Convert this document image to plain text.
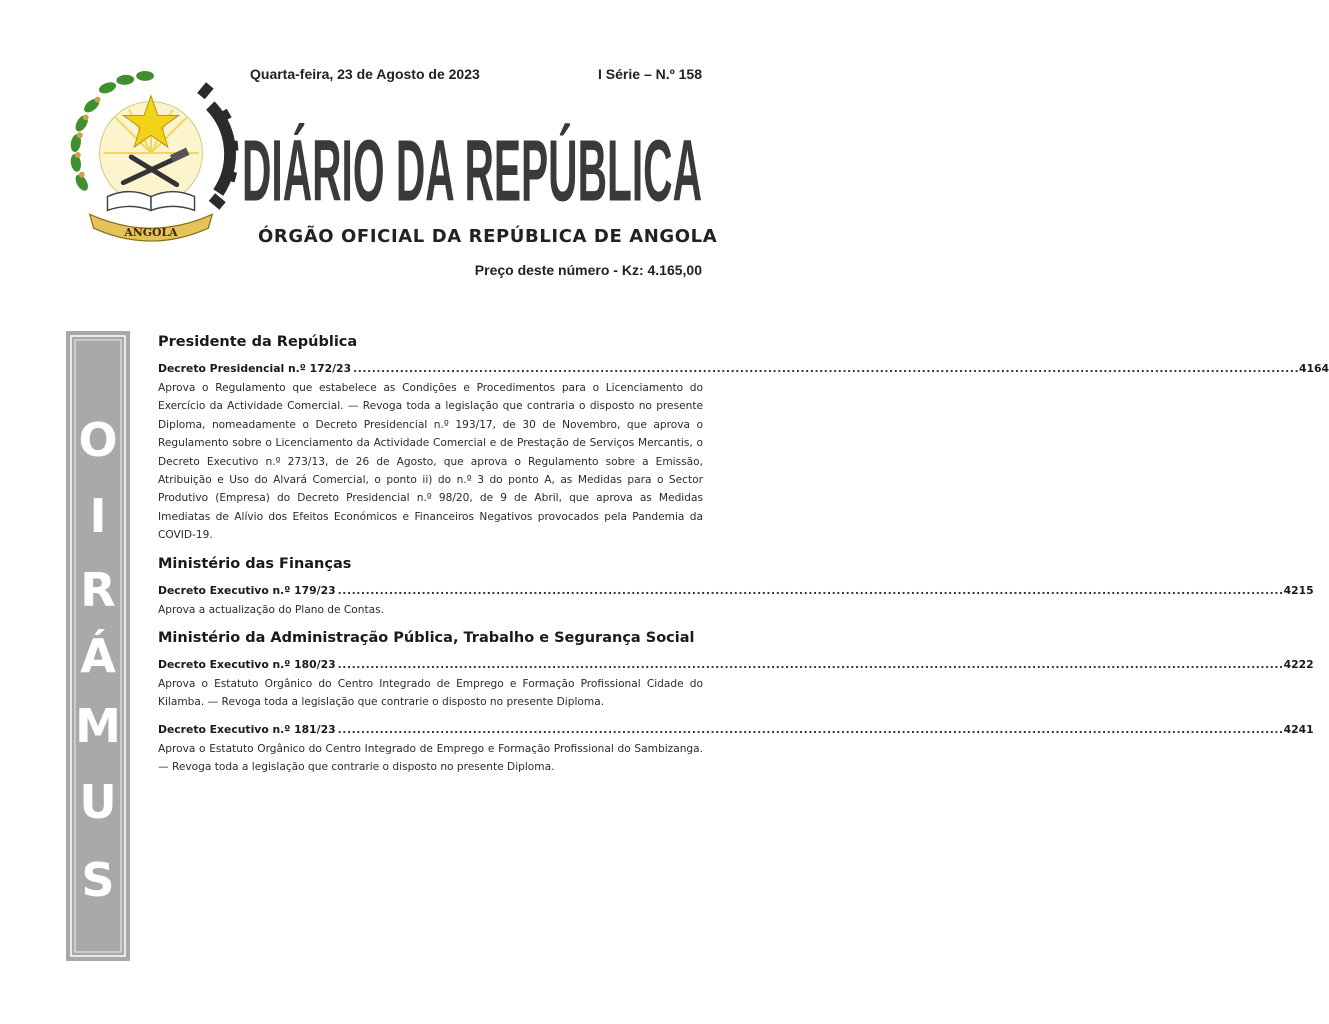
ANGOLA
Quarta-feira, 23 de Agosto de 2023	I Série – N.º 158
DIÁRIO DA REPÚBLICA
ÓRGÃO OFICIAL DA REPÚBLICA DE ANGOLA
Preço deste número - Kz: 4.165,00
O
I
R
Á
M
U
S
Presidente da República
Decreto Presidencial n.º 172/23 . . .	4164

Aprova o Regulamento que estabelece as Condições e Procedimentos para o Licenciamento do Exercício da Actividade Comercial. — Revoga toda a legislação que contraria o disposto no presente Diploma, nomeadamente o Decreto Presidencial n.º 193/17, de 30 de Novembro, que aprova o Regulamento sobre o Licenciamento da Actividade Comercial e de Prestação de Serviços Mercantis, o Decreto Executivo n.º 273/13, de 26 de Agosto, que aprova o Regulamento sobre a Emissão, Atribuição e Uso do Alvará Comercial, o ponto ii) do n.º 3 do ponto A, as Medidas para o Sector Produtivo (Empresa) do Decreto Presidencial n.º 98/20, de 9 de Abril, que aprova as Medidas Imediatas de Alívio dos Efeitos Económicos e Financeiros Negativos provocados pela Pandemia da COVID-19.

Ministério das Finanças
Decreto Executivo n.º 179/23 . . .	4215

Aprova a actualização do Plano de Contas.

Ministério da Administração Pública, Trabalho e Segurança Social
Decreto Executivo n.º 180/23 . . .	4222

Aprova o Estatuto Orgânico do Centro Integrado de Emprego e Formação Profissional Cidade do Kilamba. — Revoga toda a legislação que contrarie o disposto no presente Diploma.

Decreto Executivo n.º 181/23 . . .	4241

Aprova o Estatuto Orgânico do Centro Integrado de Emprego e Formação Profissional do Sambizanga. — Revoga toda a legislação que contrarie o disposto no presente Diploma.
